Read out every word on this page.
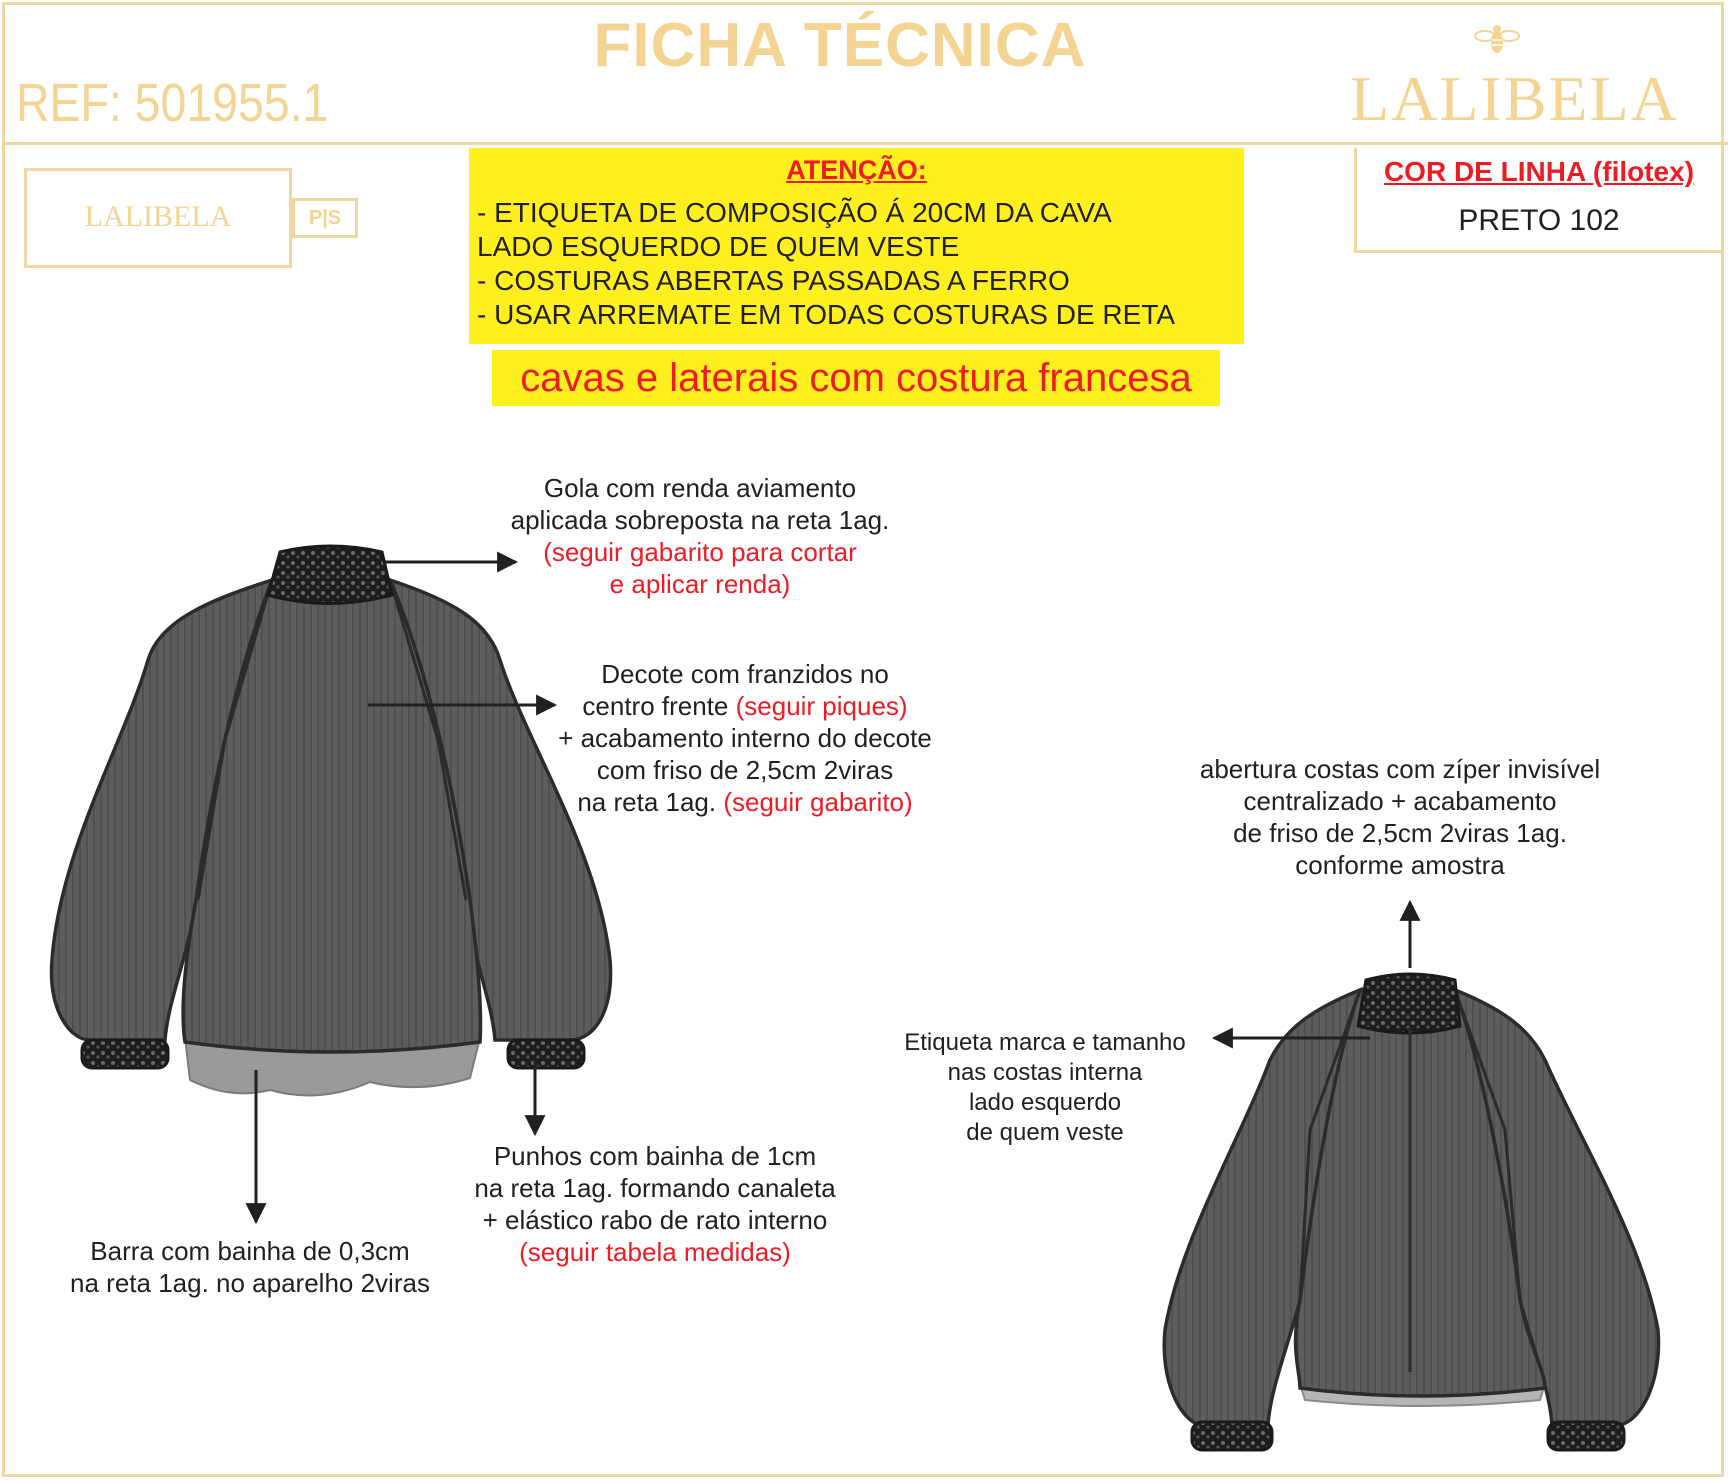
FICHA TÉCNICA
REF: 501955.1	LALIBELA
LALIBELA	P|S
ATENÇÃO:
- ETIQUETA DE COMPOSIÇÃO Á 20CM DA CAVA
LADO ESQUERDO DE QUEM VESTE
- COSTURAS ABERTAS PASSADAS A FERRO
- USAR ARREMATE EM TODAS COSTURAS DE RETA
cavas e laterais com costura francesa
COR DE LINHA (filotex)
PRETO 102
Gola com renda aviamento
aplicada sobreposta na reta 1ag.
(seguir gabarito para cortar
e aplicar renda)
Decote com franzidos no
centro frente (seguir piques)
+ acabamento interno do decote
com friso de 2,5cm 2viras
na reta 1ag. (seguir gabarito)
abertura costas com zíper invisível
centralizado + acabamento
de friso de 2,5cm 2viras 1ag.
conforme amostra
Etiqueta marca e tamanho
nas costas interna
lado esquerdo
de quem veste
Punhos com bainha de 1cm
na reta 1ag. formando canaleta
+ elástico rabo de rato interno
(seguir tabela medidas)
Barra com bainha de 0,3cm
na reta 1ag. no aparelho 2viras
